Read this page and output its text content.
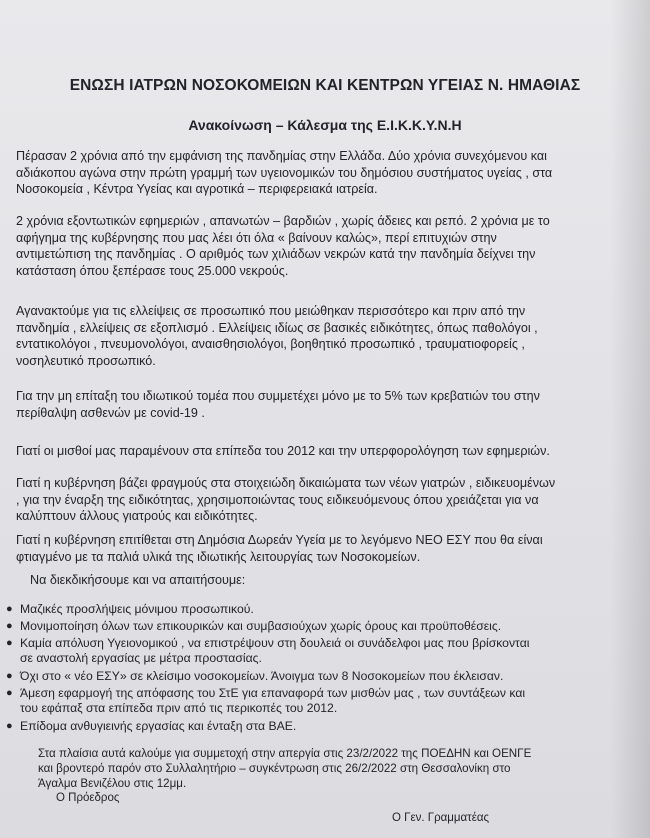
ΕΝΩΣΗ ΙΑΤΡΩΝ ΝΟΣΟΚΟΜΕΙΩΝ ΚΑΙ ΚΕΝΤΡΩΝ ΥΓΕΙΑΣ Ν. ΗΜΑΘΙΑΣ
Ανακοίνωση – Κάλεσμα της Ε.Ι.Κ.Κ.Υ.Ν.Η
Πέρασαν 2 χρόνια από την εμφάνιση της πανδημίας στην Ελλάδα. Δύο χρόνια συνεχόμενου και
αδιάκοπου αγώνα στην πρώτη γραμμή των υγειονομικών του δημόσιου συστήματος υγείας , στα
Νοσοκομεία , Κέντρα Υγείας και αγροτικά – περιφερειακά ιατρεία.
2 χρόνια εξοντωτικών εφημεριών , απανωτών – βαρδιών , χωρίς άδειες και ρεπό. 2 χρόνια με το
αφήγημα της κυβέρνησης που μας λέει ότι όλα « βαίνουν καλώς», περί επιτυχιών στην
αντιμετώπιση της πανδημίας . Ο αριθμός των χιλιάδων νεκρών κατά την πανδημία δείχνει την
κατάσταση όπου ξεπέρασε τους 25.000 νεκρούς.
Αγανακτούμε για τις ελλείψεις σε προσωπικό που μειώθηκαν περισσότερο και πριν από την
πανδημία , ελλείψεις σε εξοπλισμό . Ελλείψεις ιδίως σε βασικές ειδικότητες, όπως παθολόγοι ,
εντατικολόγοι , πνευμονολόγοι, αναισθησιολόγοι, βοηθητικό προσωπικό , τραυματιοφορείς ,
νοσηλευτικό προσωπικό.
Για την μη επίταξη του ιδιωτικού τομέα που συμμετέχει μόνο με το 5% των κρεβατιών του στην
περίθαλψη ασθενών με covid-19 .
Γιατί οι μισθοί μας παραμένουν στα επίπεδα του 2012 και την υπερφορολόγηση των εφημεριών.
Γιατί η κυβέρνηση βάζει φραγμούς στα στοιχειώδη δικαιώματα των νέων γιατρών , ειδικευομένων
, για την έναρξη της ειδικότητας, χρησιμοποιώντας τους ειδικευόμενους όπου χρειάζεται για να
καλύπτουν άλλους γιατρούς και ειδικότητες.
Γιατί η κυβέρνηση επιτίθεται στη Δημόσια Δωρεάν Υγεία με το λεγόμενο ΝΕΟ ΕΣΥ που θα είναι
φτιαγμένο με τα παλιά υλικά της ιδιωτικής λειτουργίας των Νοσοκομείων.
Να διεκδικήσουμε και να απαιτήσουμε:
● Μαζικές προσλήψεις μόνιμου προσωπικού.
● Μονιμοποίηση όλων των επικουρικών και συμβασιούχων χωρίς όρους και προϋποθέσεις.
● Καμία απόλυση Υγειονομικού , να επιστρέψουν στη δουλειά οι συνάδελφοι μας που βρίσκονται
σε αναστολή εργασίας με μέτρα προστασίας.
● Όχι στο « νέο ΕΣΥ» σε κλείσιμο νοσοκομείων. Άνοιγμα των 8 Νοσοκομείων που έκλεισαν.
● Άμεση εφαρμογή της απόφασης του ΣτΕ για επαναφορά των μισθών μας , των συντάξεων και
του εφάπαξ στα επίπεδα πριν από τις περικοπές του 2012.
● Επίδομα ανθυγιεινής εργασίας και ένταξη στα ΒΑΕ.
Στα πλαίσια αυτά καλούμε για συμμετοχή στην απεργία στις 23/2/2022 της ΠΟΕΔΗΝ και ΟΕΝΓΕ
και βροντερό παρόν στο Συλλαλητήριο – συγκέντρωση στις 26/2/2022 στη Θεσσαλονίκη στο
Άγαλμα Βενιζέλου στις 12μμ.
Ο Πρόεδρος
Ο Γεν. Γραμματέας
